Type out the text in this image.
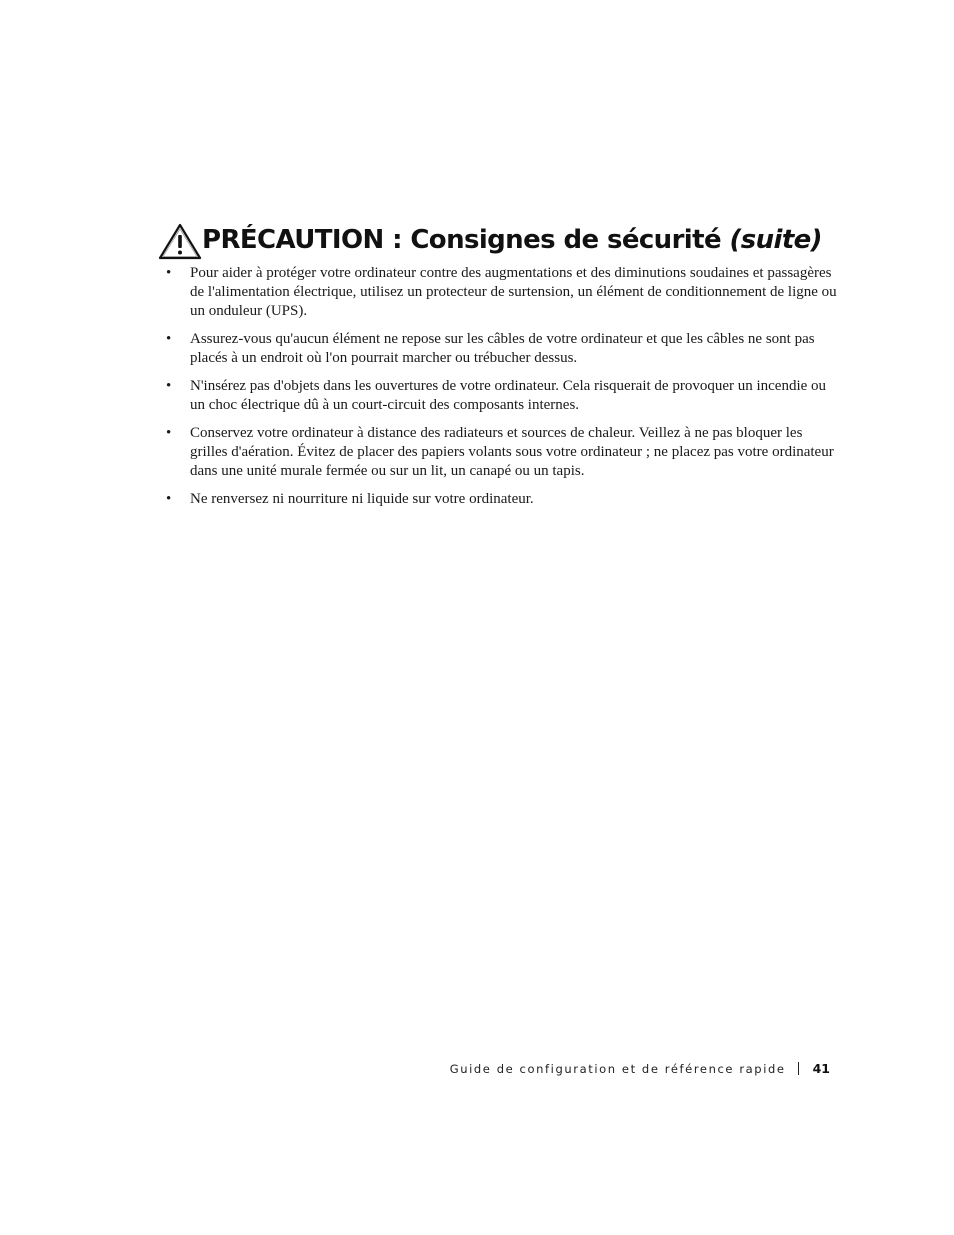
PRÉCAUTION : Consignes de sécurité (suite)
• Pour aider à protéger votre ordinateur contre des augmentations et des diminutions soudaines et passagères de l'alimentation électrique, utilisez un protecteur de surtension, un élément de conditionnement de ligne ou un onduleur (UPS).
• Assurez-vous qu'aucun élément ne repose sur les câbles de votre ordinateur et que les câbles ne sont pas placés à un endroit où l'on pourrait marcher ou trébucher dessus.
• N'insérez pas d'objets dans les ouvertures de votre ordinateur. Cela risquerait de provoquer un incendie ou un choc électrique dû à un court-circuit des composants internes.
• Conservez votre ordinateur à distance des radiateurs et sources de chaleur. Veillez à ne pas bloquer les grilles d'aération. Évitez de placer des papiers volants sous votre ordinateur ; ne placez pas votre ordinateur dans une unité murale fermée ou sur un lit, un canapé ou un tapis.
• Ne renversez ni nourriture ni liquide sur votre ordinateur.
Guide de configuration et de référence rapide 41
